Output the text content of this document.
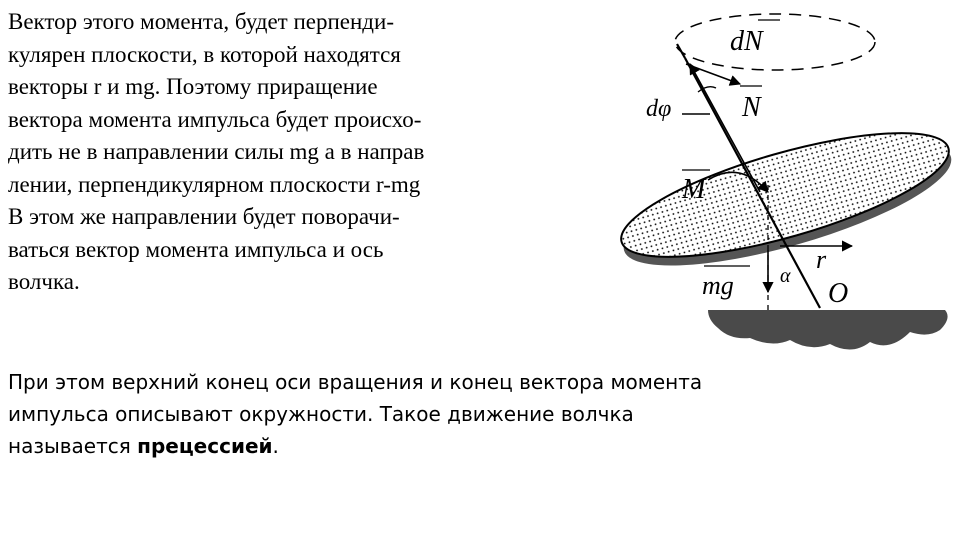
Вектор этого момента, будет перпенди-
кулярен плоскости, в которой находятся
векторы r и mg. Поэтому приращение
вектора момента импульса будет происхо-
дить не в направлении силы mg а в направ
лении, перпендикулярном плоскости r-mg
В этом же направлении будет поворачи-
ваться вектор момента импульса и ось
волчка.
dN
dφ	N
M
r
mg α
O
При этом верхний конец оси вращения и конец вектора момента
импульса описывают окружности. Такое движение волчка
называется прецессией.
